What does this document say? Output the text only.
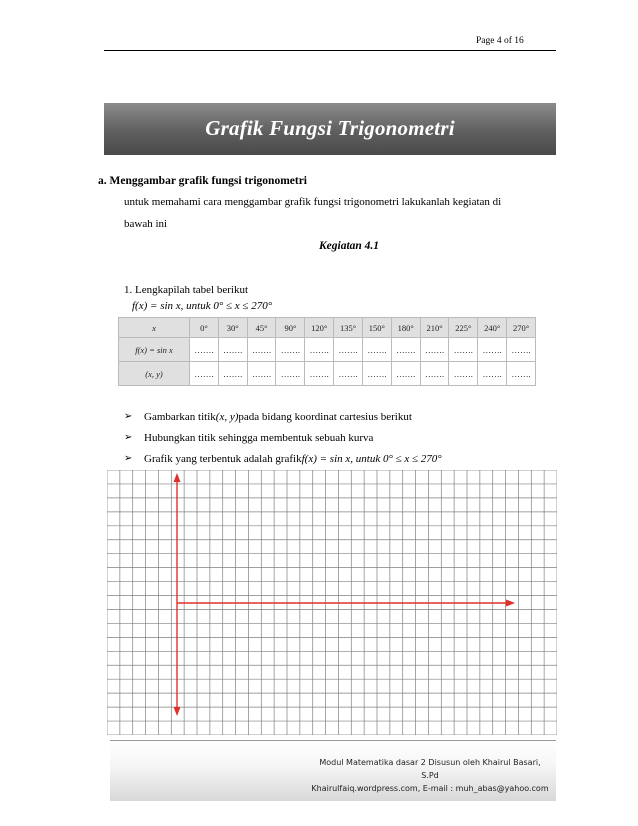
Page 4 of 16
Grafik Fungsi Trigonometri
a. Menggambar grafik fungsi trigonometri
untuk memahami cara menggambar grafik fungsi trigonometri lakukanlah kegiatan di
bawah ini
Kegiatan 4.1
1. Lengkapilah tabel berikut
f(x) = sin x, untuk 0° ≤ x ≤ 270°
x	0°	30°	45°	90°	120°	135°	150°	180°	210°	225°	240°	270°
f(x) = sin x	…….	…….	…….	…….	…….	…….	…….	…….	…….	…….	…….	…….
(x, y)	…….	…….	…….	…….	…….	…….	…….	…….	…….	…….	…….	…….
➢	Gambarkan titik (x, y) pada bidang koordinat cartesius berikut
➢	Hubungkan titik sehingga membentuk sebuah kurva
➢	Grafik yang terbentuk adalah grafik f(x) = sin x, untuk 0° ≤ x ≤ 270°
Modul Matematika dasar 2 Disusun oleh Khairul Basari, S.Pd
Khairulfaiq.wordpress.com, E-mail : muh_abas@yahoo.com
